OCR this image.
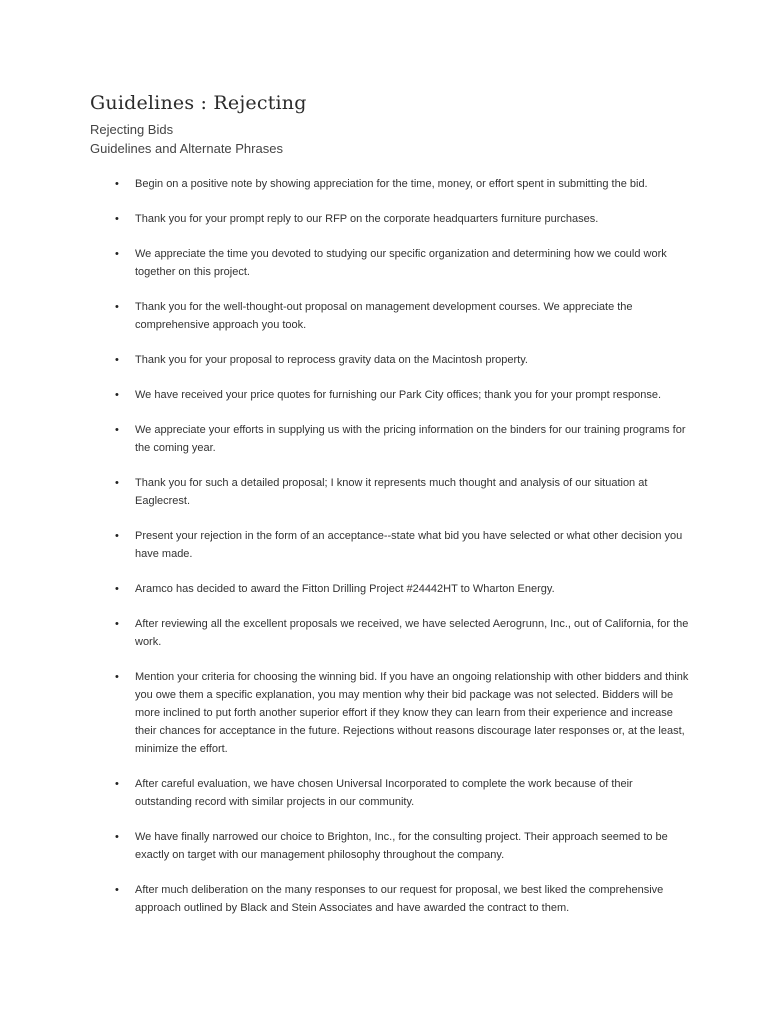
Guidelines : Rejecting

Rejecting Bids

Guidelines and Alternate Phrases

• Begin on a positive note by showing appreciation for the time, money, or effort spent in submitting the bid.
• Thank you for your prompt reply to our RFP on the corporate headquarters furniture purchases.
• We appreciate the time you devoted to studying our specific organization and determining how we could work together on this project.
• Thank you for the well-thought-out proposal on management development courses. We appreciate the comprehensive approach you took.
• Thank you for your proposal to reprocess gravity data on the Macintosh property.
• We have received your price quotes for furnishing our Park City offices; thank you for your prompt response.
• We appreciate your efforts in supplying us with the pricing information on the binders for our training programs for the coming year.
• Thank you for such a detailed proposal; I know it represents much thought and analysis of our situation at Eaglecrest.
• Present your rejection in the form of an acceptance--state what bid you have selected or what other decision you have made.
• Aramco has decided to award the Fitton Drilling Project #24442HT to Wharton Energy.
• After reviewing all the excellent proposals we received, we have selected Aerogrunn, Inc., out of California, for the work.
• Mention your criteria for choosing the winning bid. If you have an ongoing relationship with other bidders and think you owe them a specific explanation, you may mention why their bid package was not selected. Bidders will be more inclined to put forth another superior effort if they know they can learn from their experience and increase their chances for acceptance in the future. Rejections without reasons discourage later responses or, at the least, minimize the effort.
• After careful evaluation, we have chosen Universal Incorporated to complete the work because of their outstanding record with similar projects in our community.
• We have finally narrowed our choice to Brighton, Inc., for the consulting project. Their approach seemed to be exactly on target with our management philosophy throughout the company.
• After much deliberation on the many responses to our request for proposal, we best liked the comprehensive approach outlined by Black and Stein Associates and have awarded the contract to them.
